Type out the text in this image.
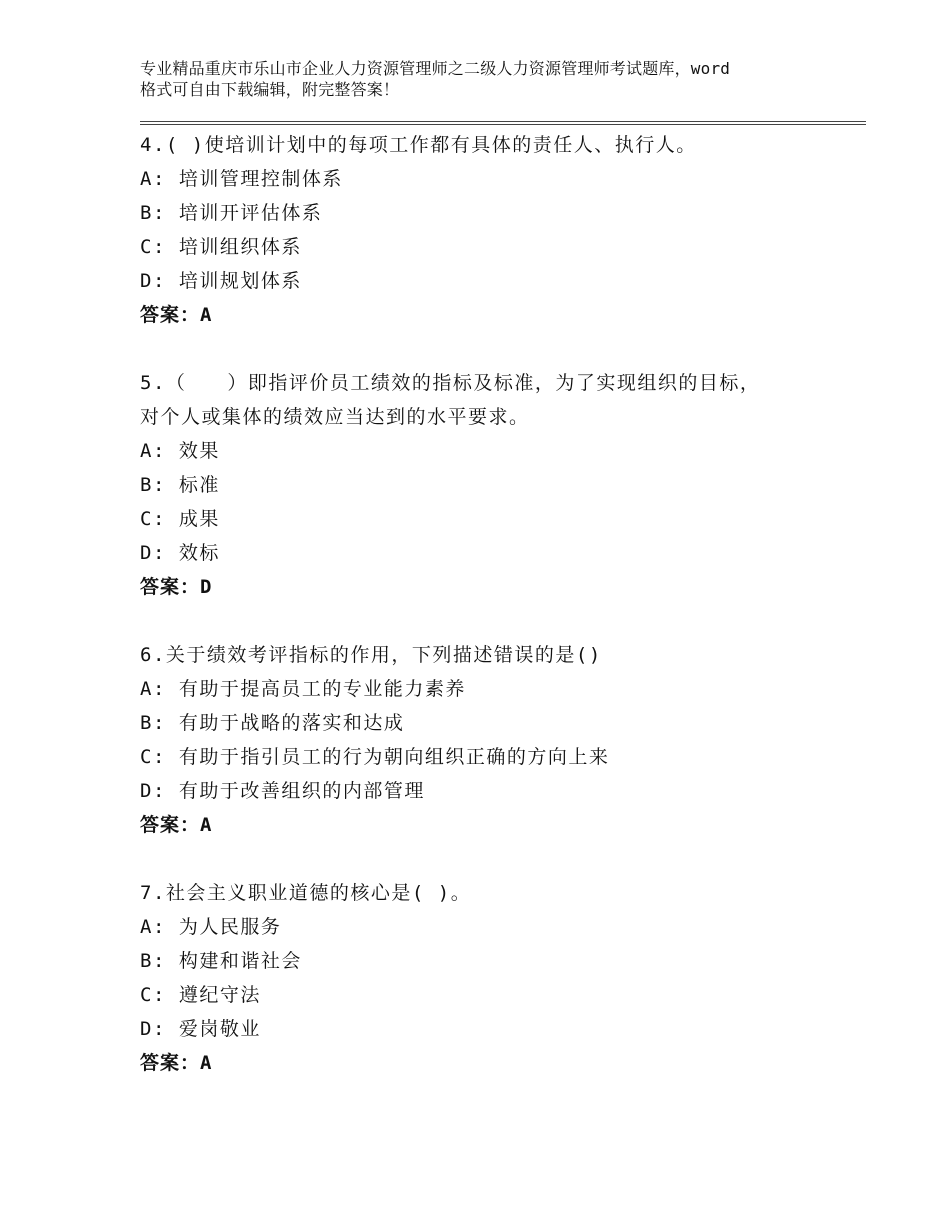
专业精品重庆市乐山市企业人力资源管理师之二级人力资源管理师考试题库，word
格式可自由下载编辑，附完整答案！
4.( )使培训计划中的每项工作都有具体的责任人、执行人。
A: 培训管理控制体系
B: 培训开评估体系
C: 培训组织体系
D: 培训规划体系
答案：A
5.（　　）即指评价员工绩效的指标及标准，为了实现组织的目标，
对个人或集体的绩效应当达到的水平要求。
A: 效果
B: 标准
C: 成果
D: 效标
答案：D
6.关于绩效考评指标的作用，下列描述错误的是()
A: 有助于提高员工的专业能力素养
B: 有助于战略的落实和达成
C: 有助于指引员工的行为朝向组织正确的方向上来
D: 有助于改善组织的内部管理
答案：A
7.社会主义职业道德的核心是( )。
A: 为人民服务
B: 构建和谐社会
C: 遵纪守法
D: 爱岗敬业
答案：A
